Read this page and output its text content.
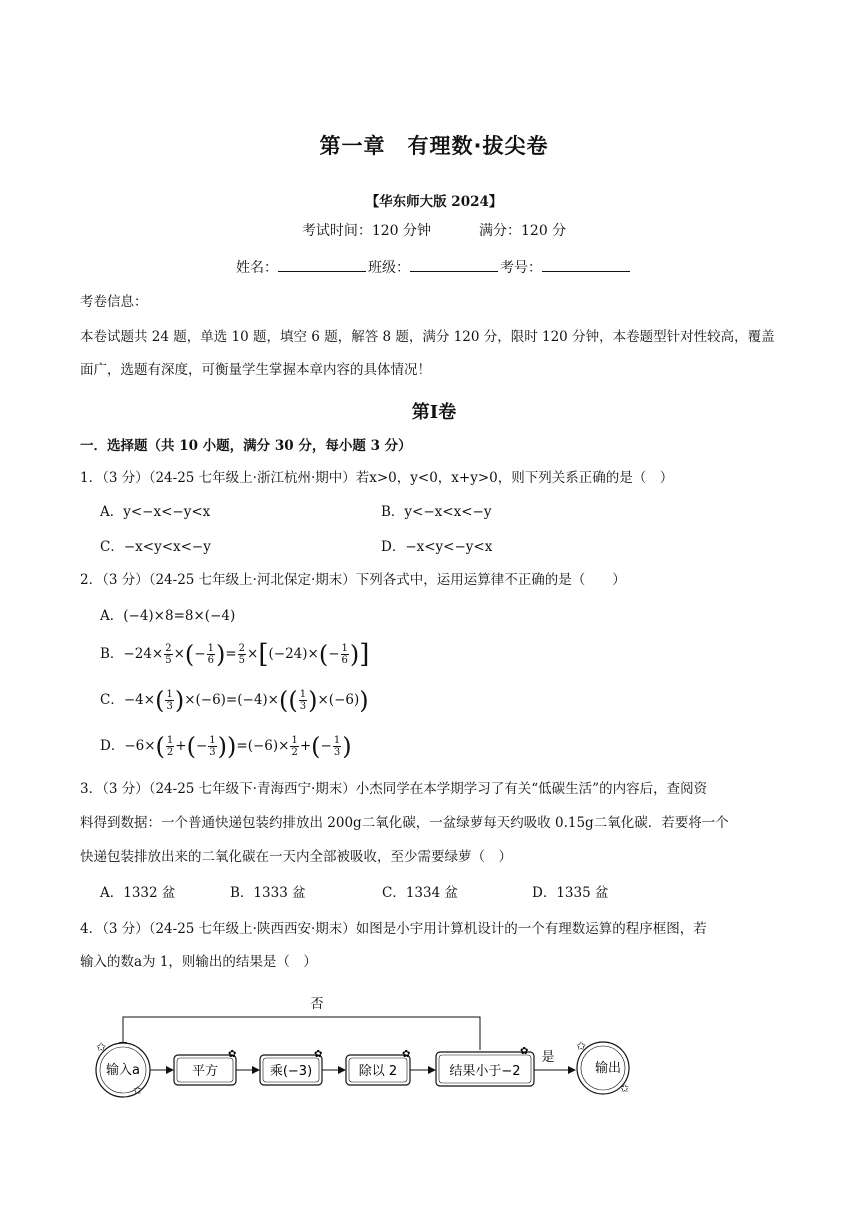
第一章　有理数·拔尖卷
【华东师大版 2024】
考试时间：120 分钟	满分：120 分
姓名：	班级：	考号：
考卷信息：
本卷试题共 24 题，单选 10 题，填空 6 题，解答 8 题，满分 120 分，限时 120 分钟，本卷题型针对性较高，覆盖
面广，选题有深度，可衡量学生掌握本章内容的具体情况！
第Ⅰ卷
一．选择题（共 10 小题，满分 30 分，每小题 3 分）
1．（3 分）（24-25 七年级上·浙江杭州·期中）若x>0，y<0，x+y>0，则下列关系正确的是（　）
A．y<−x<−y<x	B．y<−x<x<−y
C．−x<y<x<−y	D．−x<y<−y<x
2．（3 分）（24-25 七年级上·河北保定·期末）下列各式中，运用运算律不正确的是（　　）
A．(−4)×8=8×(−4)
B．$-24\times \frac{2}{5}$ ×(− $\frac{1}{6}$ )= $\frac{2}{5} \times[(-24)\times(- \frac{1}{6}$ )]
C．$-4\times( \frac{1}{3} )\times(-6)=(-4)\times(( \frac{1}{3} )\times(-6))$
D．$-6\times( \frac{1}{2}$ +(− $\frac{1}{3} ))=(-6)\times \frac{1}{2}$ +(− $\frac{1}{3}$ )
3．（3 分）（24-25 七年级下·青海西宁·期末）小杰同学在本学期学习了有关“低碳生活”的内容后，查阅资
料得到数据：一个普通快递包装约排放出 200g二氧化碳，一盆绿萝每天约吸收 0.15g二氧化碳．若要将一个
快递包装排放出来的二氧化碳在一天内全部被吸收，至少需要绿萝（　）
A．1332 盆	B．1333 盆	C．1334 盆	D．1335 盆
4．（3 分）（24-25 七年级上·陕西西安·期末）如图是小宇用计算机设计的一个有理数运算的程序框图，若
输入的数a为 1，则输出的结果是（　）
否
✩
✩
输入a
✿
平方
✿
乘(−3)
✿
除以 2
✿
结果小于−2
是
✩
✩
输出
